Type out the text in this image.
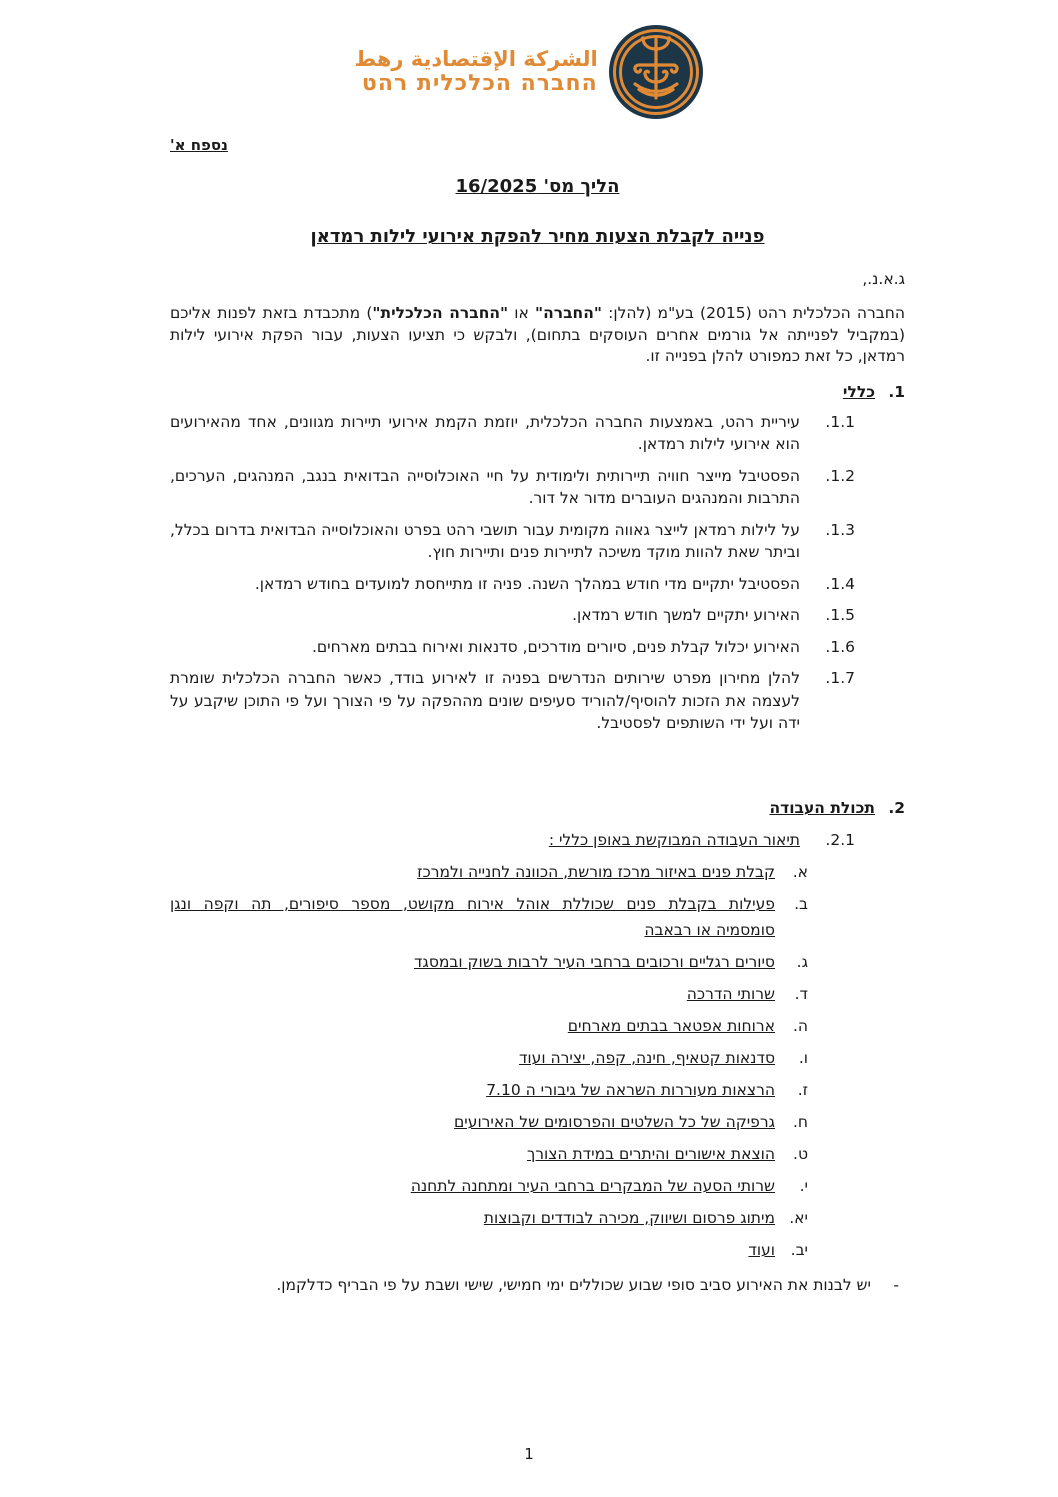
الشركة الإقتصادية رهط
החברה הכלכלית רהט
נספח א'
הליך מס' 16/2025
פנייה לקבלת הצעות מחיר להפקת אירועי לילות רמדאן
ג.א.נ.,
החברה הכלכלית רהט (2015) בע"מ (להלן: "החברה" או "החברה הכלכלית") מתכבדת בזאת לפנות אליכם (במקביל לפנייתה אל גורמים אחרים העוסקים בתחום), ולבקש כי תציעו הצעות, עבור הפקת אירועי לילות רמדאן, כל זאת כמפורט להלן בפנייה זו.
1.
כללי
1.1.
עיריית רהט, באמצעות החברה הכלכלית, יוזמת הקמת אירועי תיירות מגוונים, אחד מהאירועים הוא אירועי לילות רמדאן.
1.2.
הפסטיבל מייצר חוויה תיירותית ולימודית על חיי האוכלוסייה הבדואית בנגב, המנהגים, הערכים, התרבות והמנהגים העוברים מדור אל דור.
1.3.
על לילות רמדאן לייצר גאווה מקומית עבור תושבי רהט בפרט והאוכלוסייה הבדואית בדרום בכלל, וביתר שאת להוות מוקד משיכה לתיירות פנים ותיירות חוץ.
1.4.
הפסטיבל יתקיים מדי חודש במהלך השנה. פניה זו מתייחסת למועדים בחודש רמדאן.
1.5.
האירוע יתקיים למשך חודש רמדאן.
1.6.
האירוע יכלול קבלת פנים, סיורים מודרכים, סדנאות ואירוח בבתים מארחים.
1.7.
להלן מחירון מפרט שירותים הנדרשים בפניה זו לאירוע בודד, כאשר החברה הכלכלית שומרת לעצמה את הזכות להוסיף/להוריד סעיפים שונים מההפקה על פי הצורך ועל פי התוכן שיקבע על ידה ועל ידי השותפים לפסטיבל.
2.
תכולת העבודה
2.1.
תיאור העבודה המבוקשת באופן כללי :
א.
קבלת פנים באיזור מרכז מורשת, הכוונה לחנייה ולמרכז
ב.
פעילות בקבלת פנים שכוללת אוהל אירוח מקושט, מספר סיפורים, תה וקפה ונגן
סומסמיה או רבאבה
ג.
סיורים רגליים ורכובים ברחבי העיר לרבות בשוק ובמסגד
ד.
שרותי הדרכה
ה.
ארוחות אפטאר בבתים מארחים
ו.
סדנאות קטאיף, חינה, קפה, יצירה ועוד
ז.
הרצאות מעוררות השראה של גיבורי ה 7.10
ח.
גרפיקה של כל השלטים והפרסומים של האירועים
ט.
הוצאת אישורים והיתרים במידת הצורך
י.
שרותי הסעה של המבקרים ברחבי העיר ומתחנה לתחנה
יא.
מיתוג פרסום ושיווק, מכירה לבודדים וקבוצות
יב.
ועוד
-
יש לבנות את האירוע סביב סופי שבוע שכוללים ימי חמישי, שישי ושבת על פי הבריף כדלקמן.
1
